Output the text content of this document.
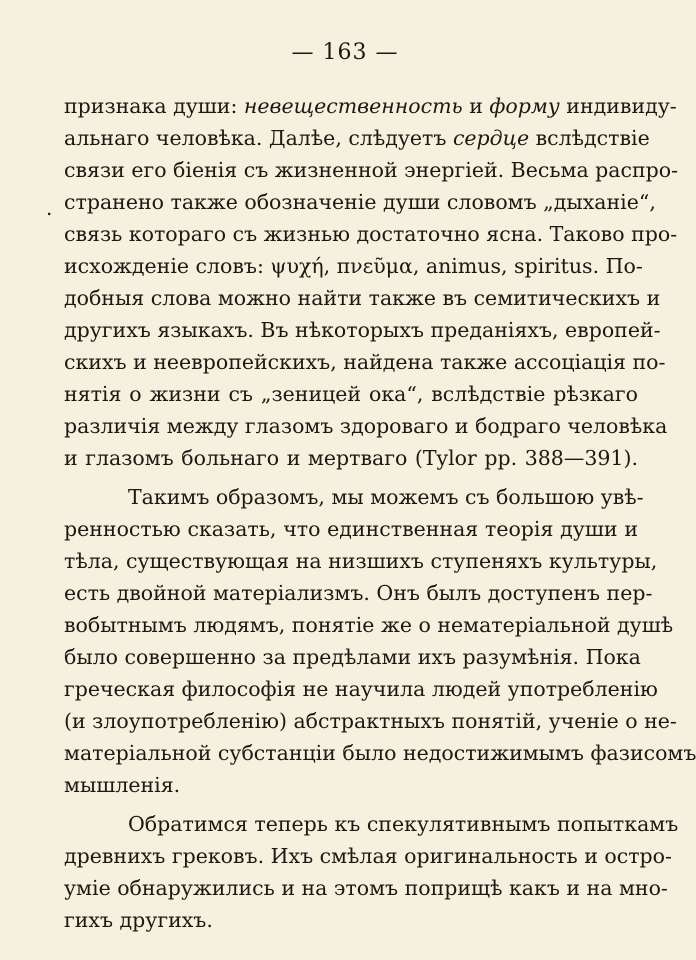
— 163 —
.
признака души: невещественность и форму индивиду-
альнаго человѣка. Далѣе, слѣдуетъ сердце вслѣдствіе
связи его біенія съ жизненной энергіей. Весьма распро-
странено также обозначеніе души словомъ „дыханіе“,
связь котораго съ жизнью достаточно ясна. Таково про-
исхожденіе словъ: ψυχή, πνεῦμα, animus, spiritus. По-
добныя слова можно найти также въ семитическихъ и
другихъ языкахъ. Въ нѣкоторыхъ преданіяхъ, европей-
скихъ и неевропейскихъ, найдена также ассоціація по-
нятія о жизни съ „зеницей ока“, вслѣдствіе рѣзкаго
различія между глазомъ здороваго и бодраго человѣка
и глазомъ больнаго и мертваго (Tylor pp. 388—391).
Такимъ образомъ, мы можемъ съ большою увѣ-
ренностью сказать, что единственная теорія души и
тѣла, существующая на низшихъ ступеняхъ культуры,
есть двойной матеріализмъ. Онъ былъ доступенъ пер-
вобытнымъ людямъ, понятіе же о нематеріальной душѣ
было совершенно за предѣлами ихъ разумѣнія. Пока
греческая философія не научила людей употребленію
(и злоупотребленію) абстрактныхъ понятій, ученіе о не-
матеріальной субстанціи было недостижимымъ фазисомъ
мышленія.
Обратимся теперь къ спекулятивнымъ попыткамъ
древнихъ грековъ. Ихъ смѣлая оригинальность и остро-
уміе обнаружились и на этомъ поприщѣ какъ и на мно-
гихъ другихъ.
